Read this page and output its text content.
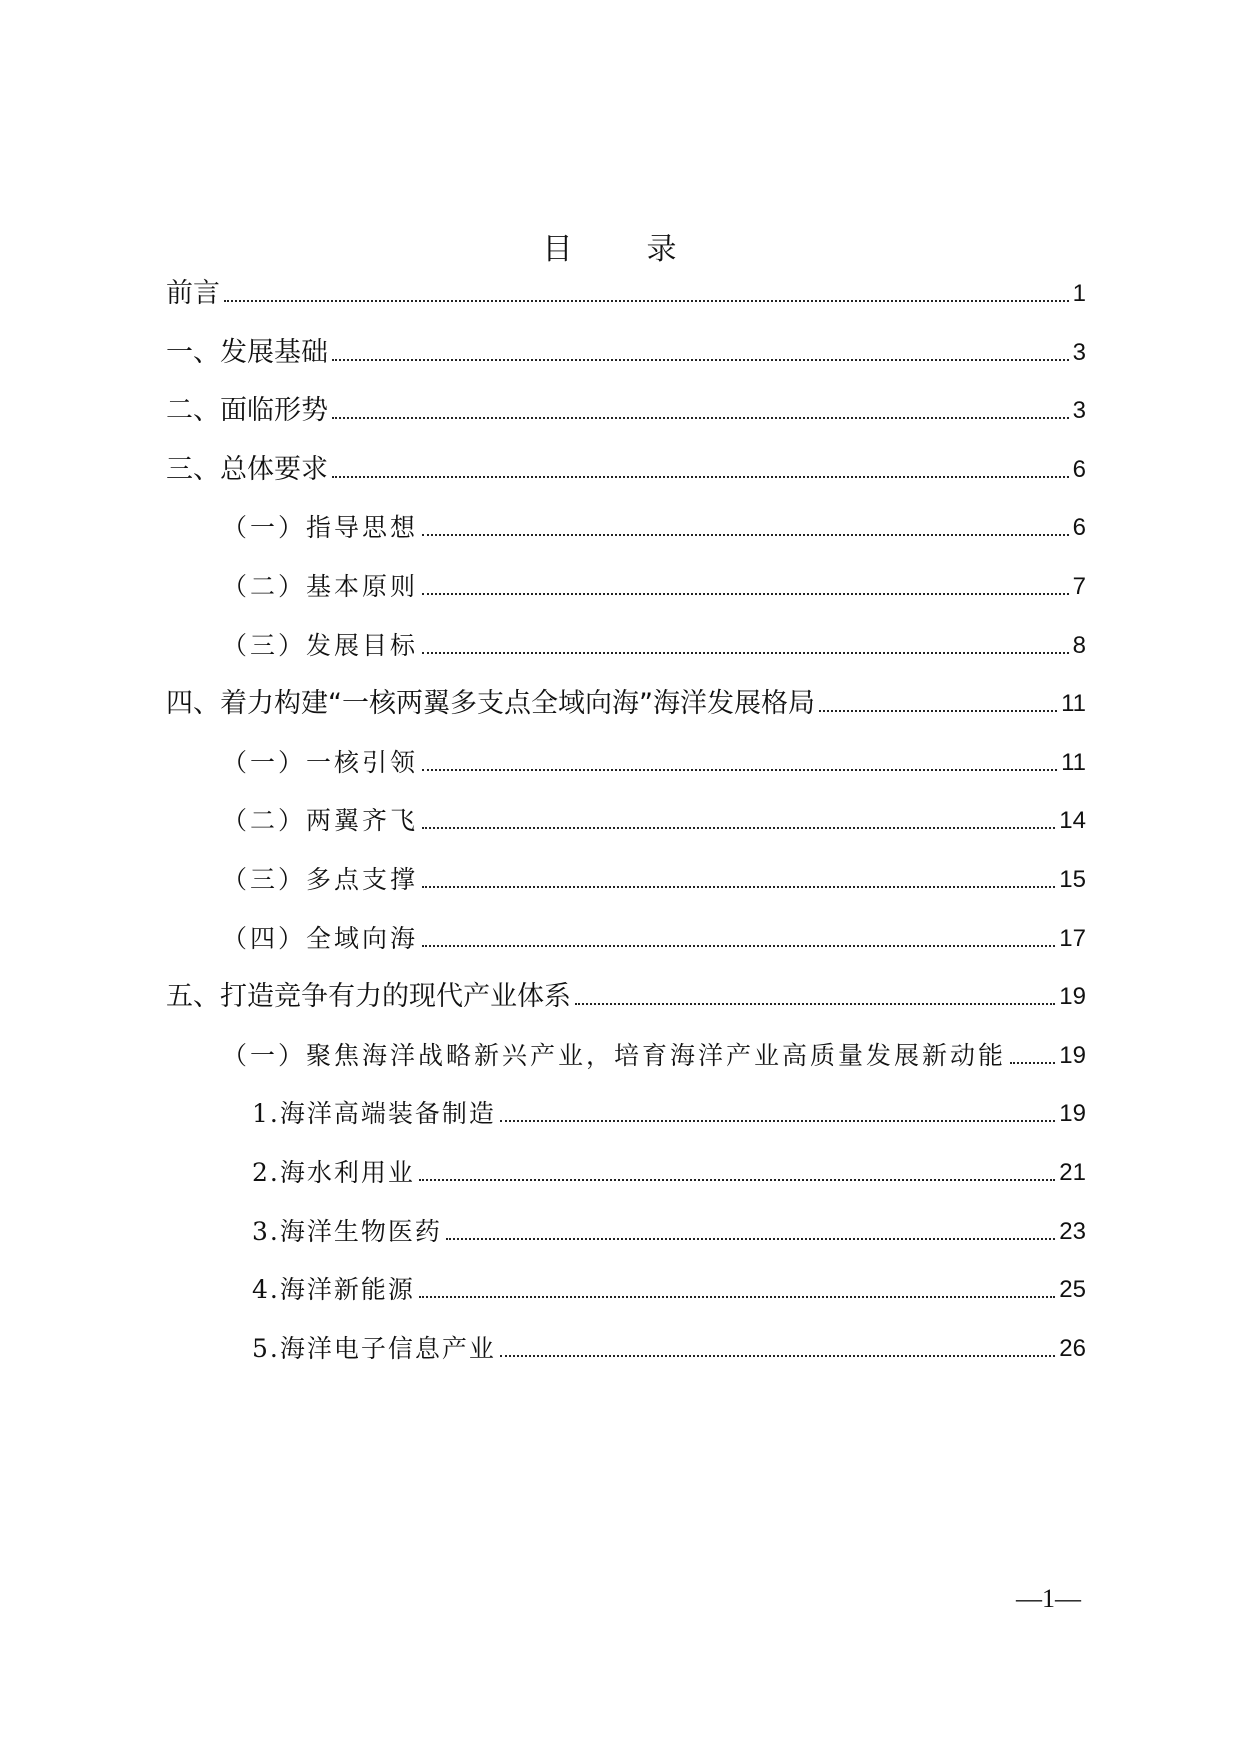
目　录
前言	1
一、发展基础	3
二、面临形势	3
三、总体要求	6
（一）指导思想	6
（二）基本原则	7
（三）发展目标	8
四、着力构建“一核两翼多支点全域向海”海洋发展格局	11
（一）一核引领	11
（二）两翼齐飞	14
（三）多点支撑	15
（四）全域向海	17
五、打造竞争有力的现代产业体系	19
（一）聚焦海洋战略新兴产业，培育海洋产业高质量发展新动能 19
1.海洋高端装备制造	19
2.海水利用业	21
3.海洋生物医药	23
4.海洋新能源	25
5.海洋电子信息产业	26
—1—
